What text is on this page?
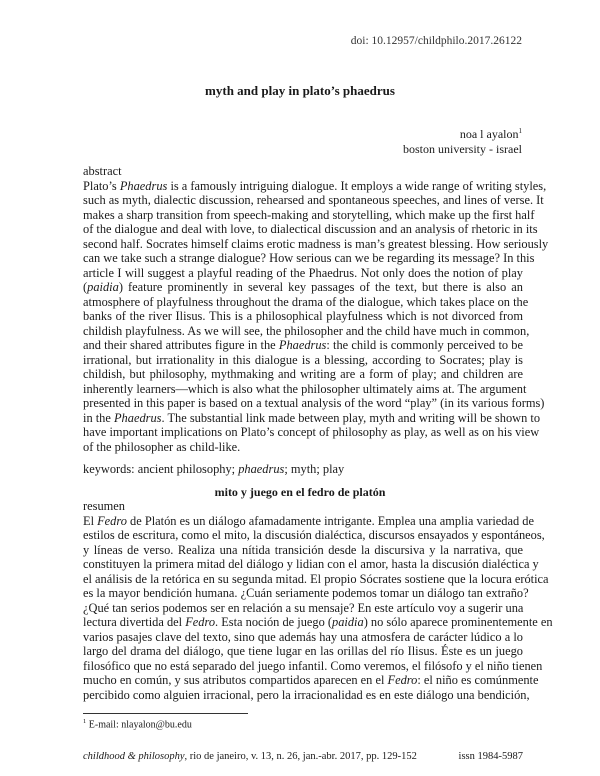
doi: 10.12957/childphilo.2017.26122
myth and play in plato’s phaedrus
noa l ayalon$^1$
boston university - israel
abstract
Plato’s Phaedrus is a famously intriguing dialogue. It employs a wide range of writing styles,
such as myth, dialectic discussion, rehearsed and spontaneous speeches, and lines of verse. It
makes a sharp transition from speech-making and storytelling, which make up the first half
of the dialogue and deal with love, to dialectical discussion and an analysis of rhetoric in its
second half. Socrates himself claims erotic madness is man’s greatest blessing. How seriously
can we take such a strange dialogue? How serious can we be regarding its message? In this
article I will suggest a playful reading of the Phaedrus. Not only does the notion of play
(paidia) feature prominently in several key passages of the text, but there is also an
atmosphere of playfulness throughout the drama of the dialogue, which takes place on the
banks of the river Ilisus. This is a philosophical playfulness which is not divorced from
childish playfulness. As we will see, the philosopher and the child have much in common,
and their shared attributes figure in the Phaedrus: the child is commonly perceived to be
irrational, but irrationality in this dialogue is a blessing, according to Socrates; play is
childish, but philosophy, mythmaking and writing are a form of play; and children are
inherently learners—which is also what the philosopher ultimately aims at. The argument
presented in this paper is based on a textual analysis of the word “play” (in its various forms)
in the Phaedrus. The substantial link made between play, myth and writing will be shown to
have important implications on Plato’s concept of philosophy as play, as well as on his view
of the philosopher as child-like.
keywords: ancient philosophy; phaedrus; myth; play
mito y juego en el fedro de platón
resumen
El Fedro de Platón es un diálogo afamadamente intrigante. Emplea una amplia variedad de
estilos de escritura, como el mito, la discusión dialéctica, discursos ensayados y espontáneos,
y líneas de verso. Realiza una nítida transición desde la discursiva y la narrativa, que
constituyen la primera mitad del diálogo y lidian con el amor, hasta la discusión dialéctica y
el análisis de la retórica en su segunda mitad. El propio Sócrates sostiene que la locura erótica
es la mayor bendición humana. ¿Cuán seriamente podemos tomar un diálogo tan extraño?
¿Qué tan serios podemos ser en relación a su mensaje? En este artículo voy a sugerir una
lectura divertida del Fedro. Esta noción de juego (paidia) no sólo aparece prominentemente en
varios pasajes clave del texto, sino que además hay una atmosfera de carácter lúdico a lo
largo del drama del diálogo, que tiene lugar en las orillas del río Ilisus. Éste es un juego
filosófico que no está separado del juego infantil. Como veremos, el filósofo y el niño tienen
mucho en común, y sus atributos compartidos aparecen en el Fedro: el niño es comúnmente
percibido como alguien irracional, pero la irracionalidad es en este diálogo una bendición,
$^1$ E-mail: nlayalon@bu.edu
childhood & philosophy, rio de janeiro, v. 13, n. 26, jan.-abr. 2017, pp. 129-152	issn 1984-5987
